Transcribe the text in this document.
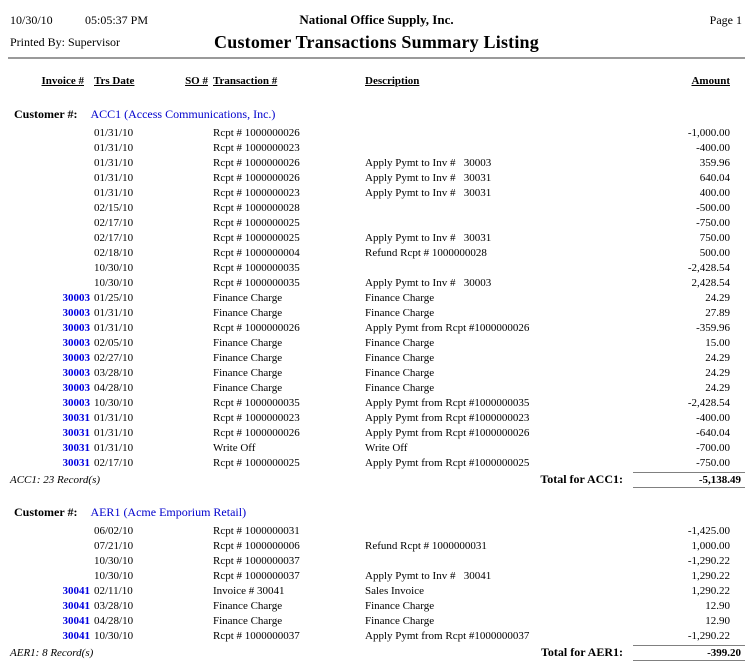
10/30/10	05:05:37 PM	National Office Supply, Inc.	Page 1
Printed By: Supervisor	Customer Transactions Summary Listing
Invoice # Trs Date	SO # Transaction #	Description	Amount
Customer #: ACC1 (Access Communications, Inc.)
01/31/10	Rcpt # 1000000026	-1,000.00
01/31/10	Rcpt # 1000000023	-400.00
01/31/10	Rcpt # 1000000026	Apply Pymt to Inv #   30003	359.96
01/31/10	Rcpt # 1000000026	Apply Pymt to Inv #   30031	640.04
01/31/10	Rcpt # 1000000023	Apply Pymt to Inv #   30031	400.00
02/15/10	Rcpt # 1000000028	-500.00
02/17/10	Rcpt # 1000000025	-750.00
02/17/10	Rcpt # 1000000025	Apply Pymt to Inv #   30031	750.00
02/18/10	Rcpt # 1000000004	Refund Rcpt # 1000000028	500.00
10/30/10	Rcpt # 1000000035	-2,428.54
10/30/10	Rcpt # 1000000035	Apply Pymt to Inv #   30003	2,428.54
30003 01/25/10	Finance Charge	Finance Charge	24.29
30003 01/31/10	Finance Charge	Finance Charge	27.89
30003 01/31/10	Rcpt # 1000000026	Apply Pymt from Rcpt #1000000026	-359.96
30003 02/05/10	Finance Charge	Finance Charge	15.00
30003 02/27/10	Finance Charge	Finance Charge	24.29
30003 03/28/10	Finance Charge	Finance Charge	24.29
30003 04/28/10	Finance Charge	Finance Charge	24.29
30003 10/30/10	Rcpt # 1000000035	Apply Pymt from Rcpt #1000000035	-2,428.54
30031 01/31/10	Rcpt # 1000000023	Apply Pymt from Rcpt #1000000023	-400.00
30031 01/31/10	Rcpt # 1000000026	Apply Pymt from Rcpt #1000000026	-640.04
30031 01/31/10	Write Off	Write Off	-700.00
30031 02/17/10	Rcpt # 1000000025	Apply Pymt from Rcpt #1000000025	-750.00
ACC1: 23 Record(s)	Total for ACC1:	-5,138.49
Customer #: AER1 (Acme Emporium Retail)
06/02/10	Rcpt # 1000000031	-1,425.00
07/21/10	Rcpt # 1000000006	Refund Rcpt # 1000000031	1,000.00
10/30/10	Rcpt # 1000000037	-1,290.22
10/30/10	Rcpt # 1000000037	Apply Pymt to Inv #   30041	1,290.22
30041 02/11/10	Invoice # 30041	Sales Invoice	1,290.22
30041 03/28/10	Finance Charge	Finance Charge	12.90
30041 04/28/10	Finance Charge	Finance Charge	12.90
30041 10/30/10	Rcpt # 1000000037	Apply Pymt from Rcpt #1000000037	-1,290.22
AER1: 8 Record(s)	Total for AER1:	-399.20
